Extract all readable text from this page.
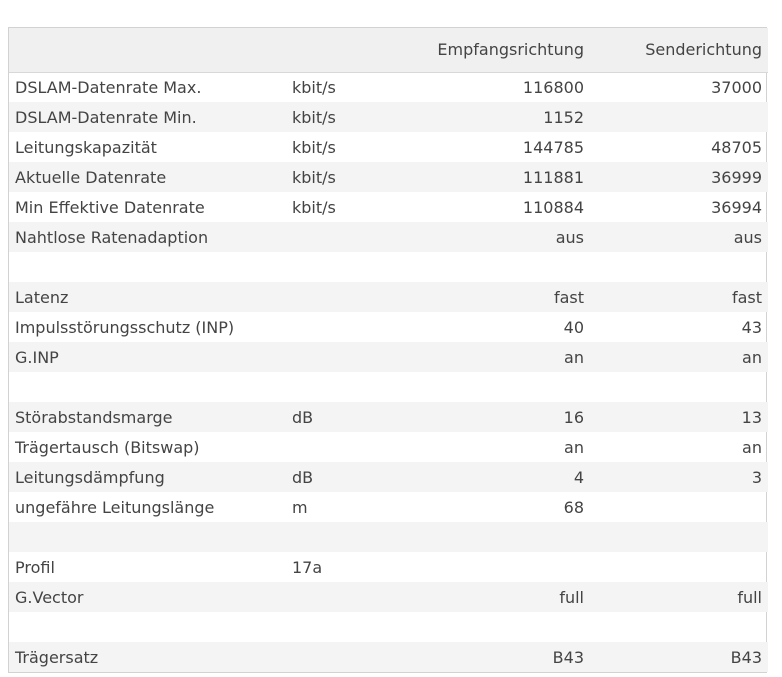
		Empfangsrichtung	Senderichtung
DSLAM-Datenrate Max.	kbit/s	116800	37000
DSLAM-Datenrate Min.	kbit/s	1152	
Leitungskapazität	kbit/s	144785	48705
Aktuelle Datenrate	kbit/s	111881	36999
Min Effektive Datenrate	kbit/s	110884	36994
Nahtlose Ratenadaption		aus	aus

Latenz		fast	fast
Impulsstörungsschutz (INP)		40	43
G.INP		an	an

Störabstandsmarge	dB	16	13
Trägertausch (Bitswap)		an	an
Leitungsdämpfung	dB	4	3
ungefähre Leitungslänge	m	68	

Profil	17a		
G.Vector		full	full

Trägersatz		B43	B43
